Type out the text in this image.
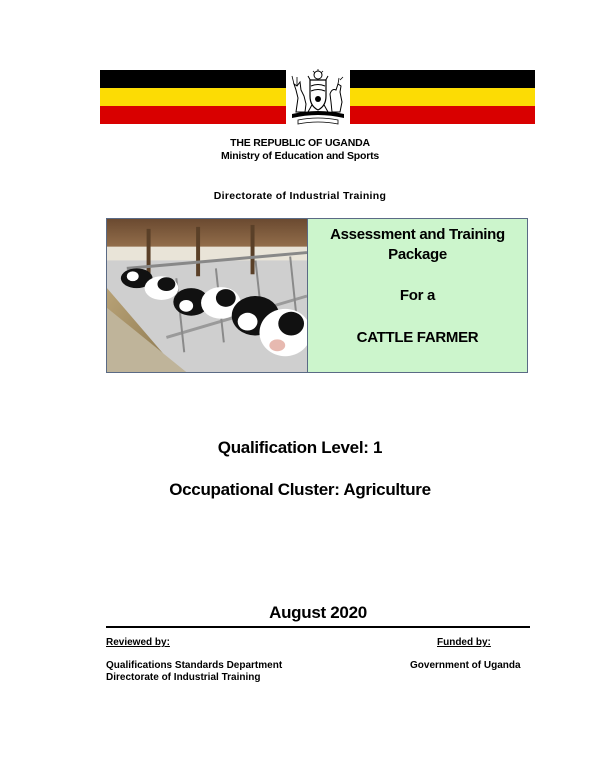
THE REPUBLIC OF UGANDA
Ministry of Education and Sports
Directorate of Industrial Training
Assessment and Training Package
For a
CATTLE FARMER
Qualification Level: 1
Occupational Cluster: Agriculture
August 2020
Reviewed by:	Funded by:
Qualifications Standards Department
Directorate of Industrial Training
Government of Uganda
